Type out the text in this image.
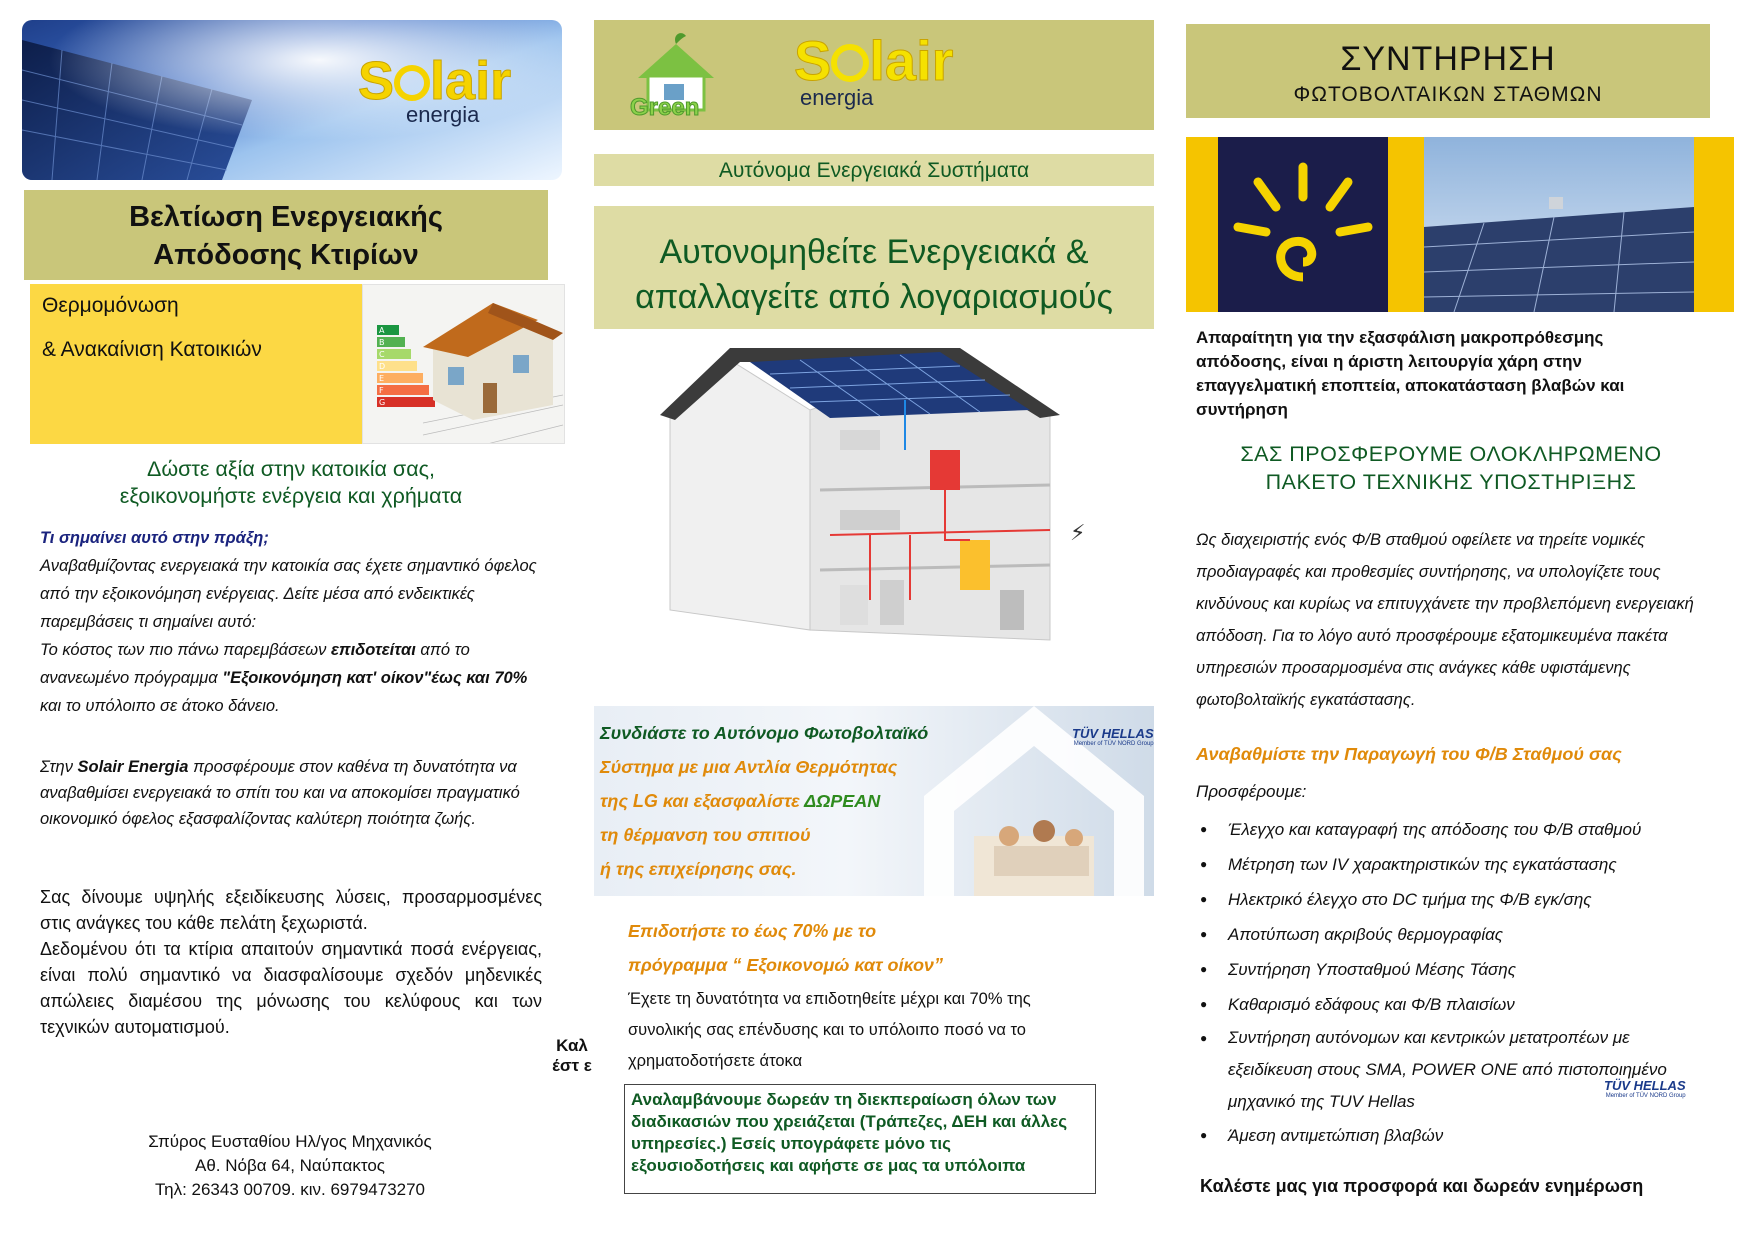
S lair
energia
Βελτίωση Ενεργειακής
Απόδοσης Κτιρίων
Θερμομόνωση
& Ανακαίνιση Κατοικιών
A
B
C
D
E
F
G
Δώστε αξία στην κατοικία σας,
εξοικονομήστε ενέργεια και χρήματα
Τι σημαίνει αυτό στην πράξη;
Αναβαθμίζοντας ενεργειακά την κατοικία σας έχετε σημαντικό όφελος από την εξοικονόμηση ενέργειας. Δείτε μέσα από ενδεικτικές παρεμβάσεις τι σημαίνει αυτό:
Το κόστος των πιο πάνω παρεμβάσεων επιδοτείται από το ανανεωμένο πρόγραμμα "Εξοικονόμηση κατ' οίκον"έως και 70% και το υπόλοιπο σε άτοκο δάνειο.
Στην Solair Energia προσφέρουμε στον καθένα τη δυνατότητα να αναβαθμίσει ενεργειακά το σπίτι του και να αποκομίσει πραγματικό οικονομικό όφελος εξασφαλίζοντας καλύτερη ποιότητα ζωής.
Σας δίνουμε υψηλής εξειδίκευσης λύσεις, προσαρμοσμένες στις ανάγκες του κάθε πελάτη ξεχωριστά.
Δεδομένου ότι τα κτίρια απαιτούν σημαντικά ποσά ενέργειας, είναι πολύ σημαντικό να διασφαλίσουμε σχεδόν μηδενικές απώλειες διαμέσου της μόνωσης του κελύφους και των τεχνικών αυτοματισμού.
Καλ έστ ε
Σπύρος Ευσταθίου Ηλ/γος Μηχανικός
Αθ. Νόβα 64, Ναύπακτος
Τηλ: 26343 00709. κιν. 6979473270
Green
S lair
energia
Αυτόνομα Ενεργειακά Συστήματα
Αυτονομηθείτε Ενεργειακά &
απαλλαγείτε από λογαριασμούς
⚡
TÜV HELLAS
Member of TÜV NORD Group
Συνδιάστε το Αυτόνομο Φωτοβολταϊκό
Σύστημα με μια Αντλία Θερμότητας
της LG και εξασφαλίστε ΔΩΡΕΑΝ
τη θέρμανση του σπιτιού
ή της επιχείρησης σας.
Επιδοτήστε το έως 70% με το
πρόγραμμα “ Εξοικονομώ κατ οίκον”
Έχετε τη δυνατότητα να επιδοτηθείτε μέχρι και 70% της συνολικής σας επένδυσης και το υπόλοιπο ποσό να το χρηματοδοτήσετε άτοκα
Αναλαμβάνουμε δωρεάν τη διεκπεραίωση όλων των διαδικασιών που χρειάζεται (Τράπεζες, ΔΕΗ και άλλες υπηρεσίες.) Εσείς υπογράφετε μόνο τις εξουσιοδοτήσεις και αφήστε σε μας τα υπόλοιπα
ΣΥΝΤΗΡΗΣΗ
ΦΩΤΟΒΟΛΤΑΙΚΩΝ ΣΤΑΘΜΩΝ
Απαραίτητη για την εξασφάλιση μακροπρόθεσμης απόδοσης, είναι η άριστη λειτουργία χάρη στην επαγγελματική εποπτεία, αποκατάσταση βλαβών και συντήρηση
ΣΑΣ ΠΡΟΣΦΕΡΟΥΜΕ ΟΛΟΚΛΗΡΩΜΕΝΟ
ΠΑΚΕΤΟ ΤΕΧΝΙΚΗΣ ΥΠΟΣΤΗΡΙΞΗΣ
Ως διαχειριστής ενός Φ/Β σταθμού οφείλετε να τηρείτε νομικές προδιαγραφές και προθεσμίες συντήρησης, να υπολογίζετε τους κινδύνους και κυρίως να επιτυγχάνετε την προβλεπόμενη ενεργειακή απόδοση. Για το λόγο αυτό προσφέρουμε εξατομικευμένα πακέτα υπηρεσιών προσαρμοσμένα στις ανάγκες κάθε υφιστάμενης φωτοβολταϊκής εγκατάστασης.
Αναβαθμίστε την Παραγωγή του Φ/Β Σταθμού σας
Προσφέρουμε:
● Έλεγχο και καταγραφή της απόδοσης του Φ/Β σταθμού
● Μέτρηση των IV χαρακτηριστικών της εγκατάστασης
● Ηλεκτρικό έλεγχο στο DC τμήμα της Φ/Β εγκ/σης
● Αποτύπωση ακριβούς θερμογραφίας
● Συντήρηση Υποσταθμού Μέσης Τάσης
● Καθαρισμό εδάφους και Φ/Β πλαισίων
● Συντήρηση αυτόνομων και κεντρικών μετατροπέων με εξειδίκευση στους SMA, POWER ONE από πιστοποιημένο μηχανικό της TUV Hellas
● Άμεση αντιμετώπιση βλαβών
TÜV HELLAS
Member of TÜV NORD Group
Καλέστε μας για προσφορά και δωρεάν ενημέρωση
